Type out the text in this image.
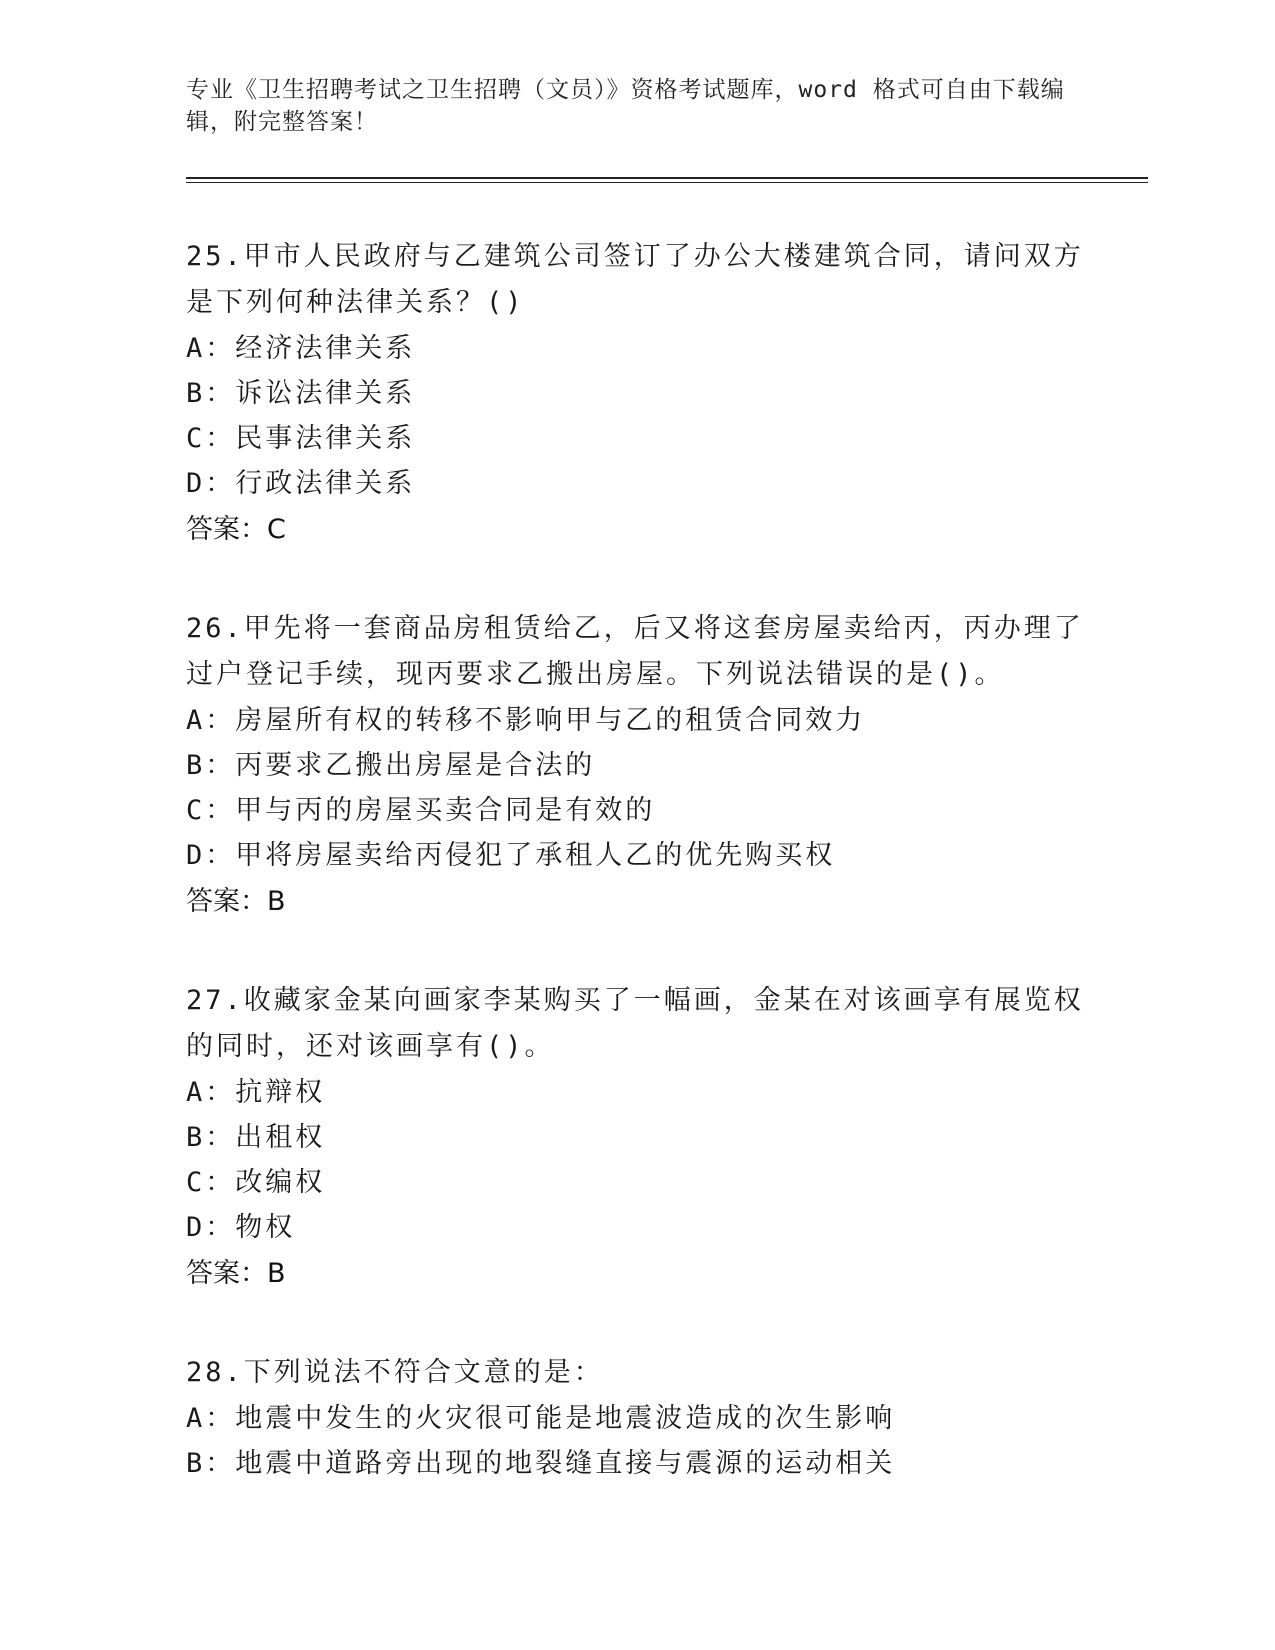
专业《卫生招聘考试之卫生招聘（文员）》资格考试题库，word 格式可自由下载编辑，附完整答案！
25.甲市人民政府与乙建筑公司签订了办公大楼建筑合同，请问双方是下列何种法律关系？()
A：经济法律关系
B：诉讼法律关系
C：民事法律关系
D：行政法律关系
答案：C
26.甲先将一套商品房租赁给乙，后又将这套房屋卖给丙，丙办理了过户登记手续，现丙要求乙搬出房屋。下列说法错误的是()。
A：房屋所有权的转移不影响甲与乙的租赁合同效力
B：丙要求乙搬出房屋是合法的
C：甲与丙的房屋买卖合同是有效的
D：甲将房屋卖给丙侵犯了承租人乙的优先购买权
答案：B
27.收藏家金某向画家李某购买了一幅画，金某在对该画享有展览权的同时，还对该画享有()。
A：抗辩权
B：出租权
C：改编权
D：物权
答案：B
28.下列说法不符合文意的是：
A：地震中发生的火灾很可能是地震波造成的次生影响
B：地震中道路旁出现的地裂缝直接与震源的运动相关
